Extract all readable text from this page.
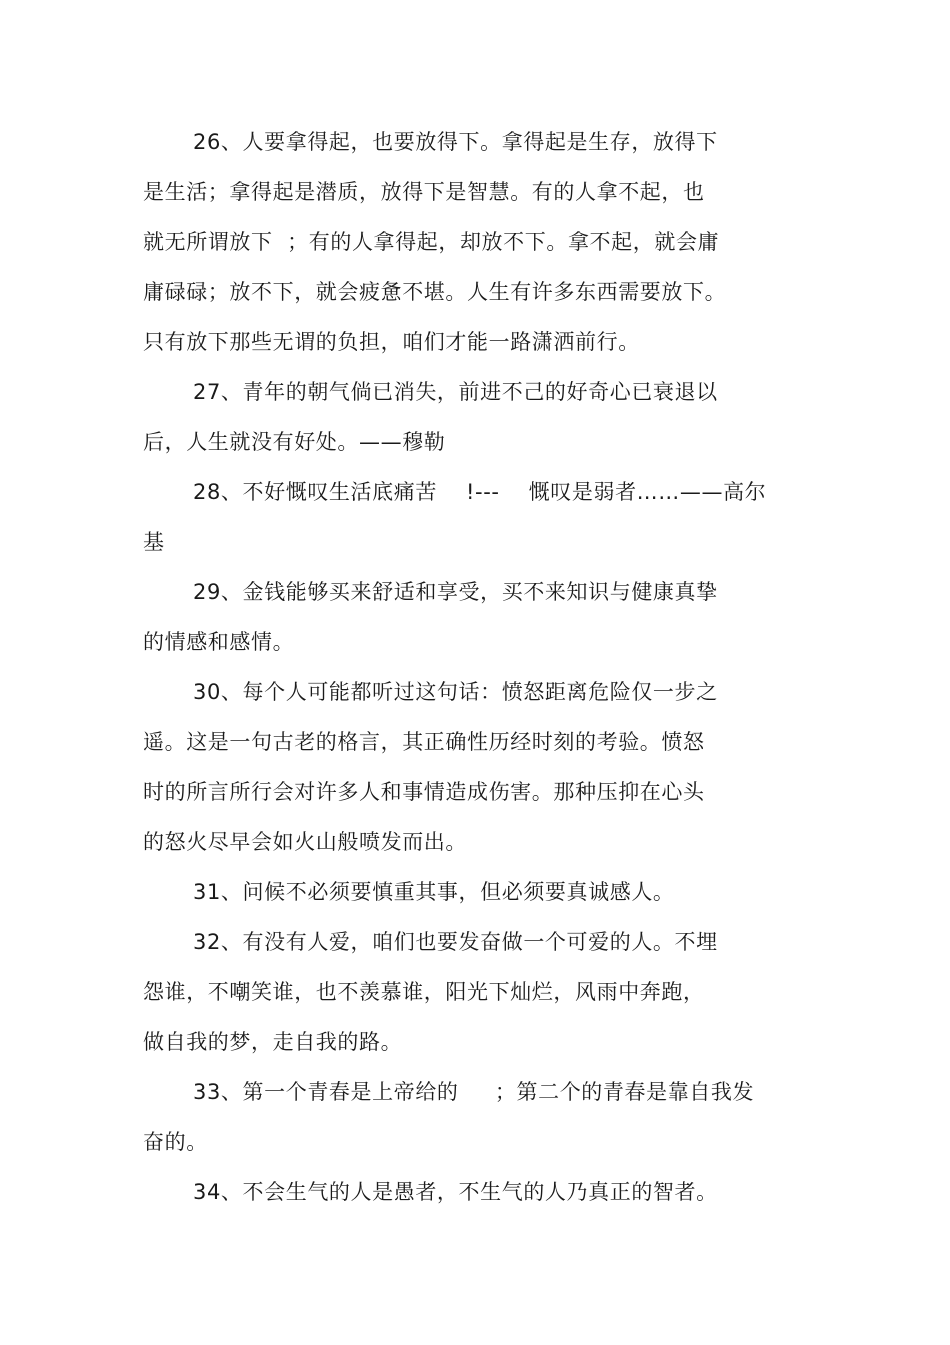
26、人要拿得起，也要放得下。拿得起是生存，放得下
是生活；拿得起是潜质，放得下是智慧。有的人拿不起，也
就无所谓放下  ；有的人拿得起，却放不下。拿不起，就会庸
庸碌碌；放不下，就会疲惫不堪。人生有许多东西需要放下。
只有放下那些无谓的负担，咱们才能一路潇洒前行。
27、青年的朝气倘已消失，前进不己的好奇心已衰退以
后，人生就没有好处。——穆勒
28、不好慨叹生活底痛苦    !---    慨叹是弱者……——高尔
基
29、金钱能够买来舒适和享受，买不来知识与健康真挚
的情感和感情。
30、每个人可能都听过这句话：愤怒距离危险仅一步之
遥。这是一句古老的格言，其正确性历经时刻的考验。愤怒
时的所言所行会对许多人和事情造成伤害。那种压抑在心头
的怒火尽早会如火山般喷发而出。
31、问候不必须要慎重其事，但必须要真诚感人。
32、有没有人爱，咱们也要发奋做一个可爱的人。不埋
怨谁，不嘲笑谁，也不羡慕谁，阳光下灿烂，风雨中奔跑，
做自我的梦，走自我的路。
33、第一个青春是上帝给的     ；第二个的青春是靠自我发
奋的。
34、不会生气的人是愚者，不生气的人乃真正的智者。
